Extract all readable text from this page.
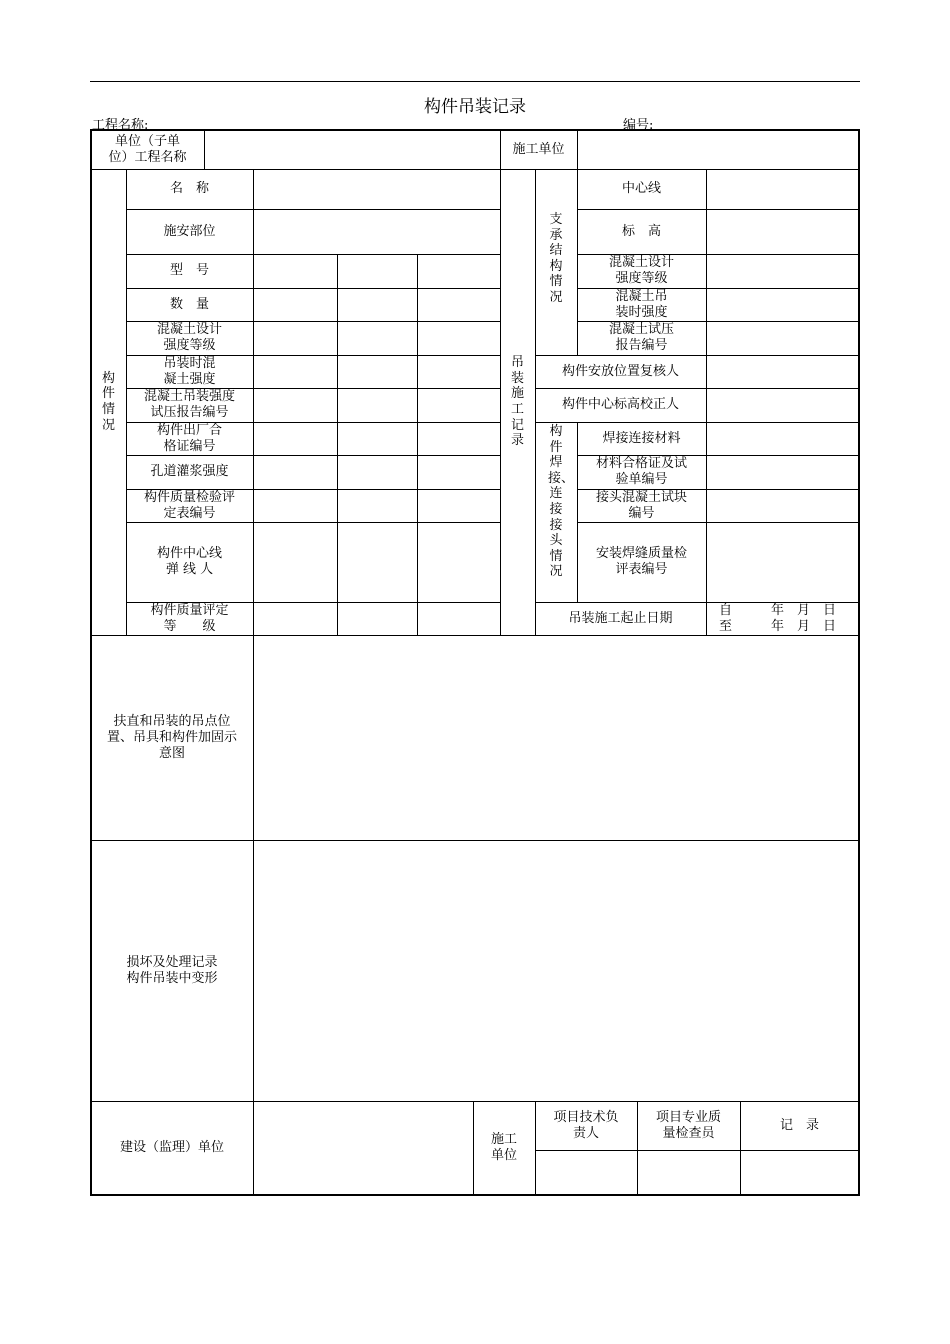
构件吊装记录
工程名称:	编号:
单位（子单
位）工程名称
施工单位
构件情况
名　称
施安部位
型　号
数　量
混凝土设计
强度等级
吊装时混
凝土强度
混凝土吊装强度
试压报告编号
构件出厂合
格证编号
孔道灌浆强度
构件质量检验评
定表编号
构件中心线
弹 线 人
构件质量评定
等　　级
吊装施工记录
支承结构情况
中心线
标　高
混凝土设计
强度等级
混凝土吊
装时强度
混凝土试压
报告编号
构件安放位置复核人
构件中心标高校正人
构件焊接、连接接头情况
焊接连接材料
材料合格证及试
验单编号
接头混凝土试块
编号
安装焊缝质量检
评表编号
吊装施工起止日期	自　　　年　月　日
至　　　年　月　日
扶直和吊装的吊点位
置、吊具和构件加固示
意图
损坏及处理记录
构件吊装中变形
建设（监理）单位
施工
单位
项目技术负
责人
项目专业质
量检查员
记　录
